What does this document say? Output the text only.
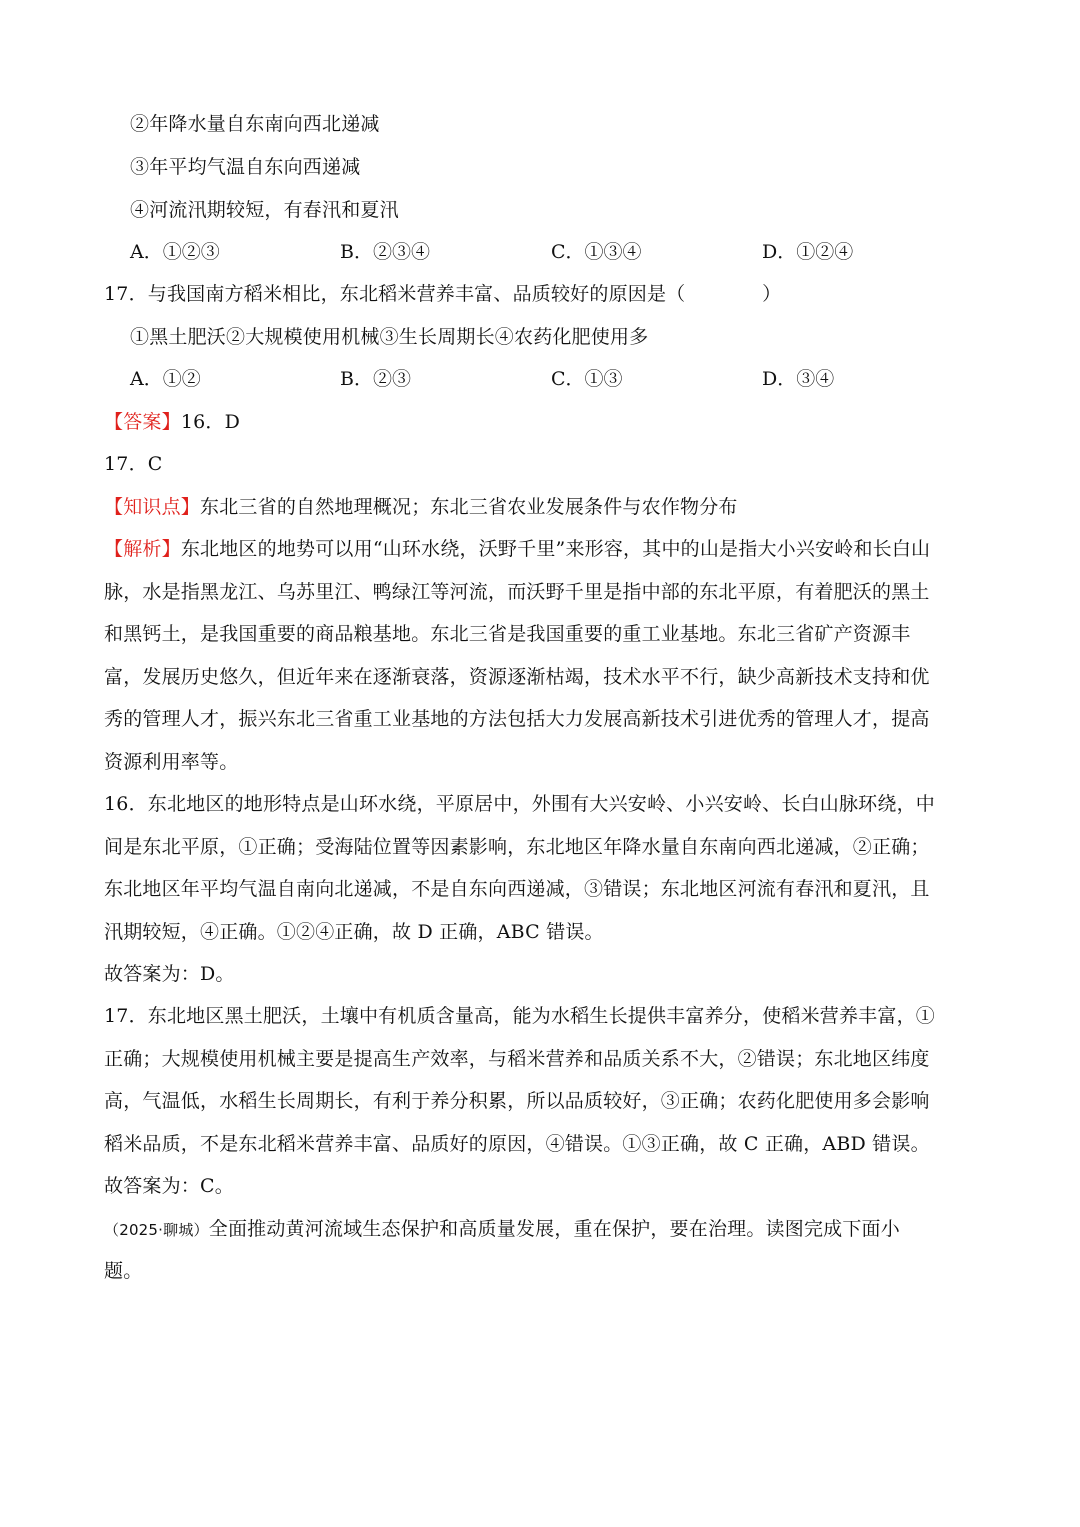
②年降水量自东南向西北递减
③年平均气温自东向西递减
④河流汛期较短，有春汛和夏汛
A．①②③	B．②③④	C．①③④	D．①②④
17．与我国南方稻米相比，东北稻米营养丰富、品质较好的原因是（　　　　）
①黑土肥沃②大规模使用机械③生长周期长④农药化肥使用多
A．①②	B．②③	C．①③	D．③④
【答案】16．D
17．C
【知识点】东北三省的自然地理概况；东北三省农业发展条件与农作物分布
【解析】东北地区的地势可以用“山环水绕，沃野千里”来形容，其中的山是指大小兴安岭和长白山
脉，水是指黑龙江、乌苏里江、鸭绿江等河流，而沃野千里是指中部的东北平原，有着肥沃的黑土
和黑钙土，是我国重要的商品粮基地。东北三省是我国重要的重工业基地。东北三省矿产资源丰
富，发展历史悠久，但近年来在逐渐衰落，资源逐渐枯竭，技术水平不行，缺少高新技术支持和优
秀的管理人才，振兴东北三省重工业基地的方法包括大力发展高新技术引进优秀的管理人才，提高
资源利用率等。
16．东北地区的地形特点是山环水绕，平原居中，外围有大兴安岭、小兴安岭、长白山脉环绕，中
间是东北平原，①正确；受海陆位置等因素影响，东北地区年降水量自东南向西北递减，②正确；
东北地区年平均气温自南向北递减，不是自东向西递减，③错误；东北地区河流有春汛和夏汛，且
汛期较短，④正确。①②④正确，故 D 正确，ABC 错误。
故答案为：D。
17．东北地区黑土肥沃，土壤中有机质含量高，能为水稻生长提供丰富养分，使稻米营养丰富，①
正确；大规模使用机械主要是提高生产效率，与稻米营养和品质关系不大，②错误；东北地区纬度
高，气温低，水稻生长周期长，有利于养分积累，所以品质较好，③正确；农药化肥使用多会影响
稻米品质，不是东北稻米营养丰富、品质好的原因，④错误。①③正确，故 C 正确，ABD 错误。
故答案为：C。
（2025·聊城）全面推动黄河流域生态保护和高质量发展，重在保护，要在治理。读图完成下面小
题。
